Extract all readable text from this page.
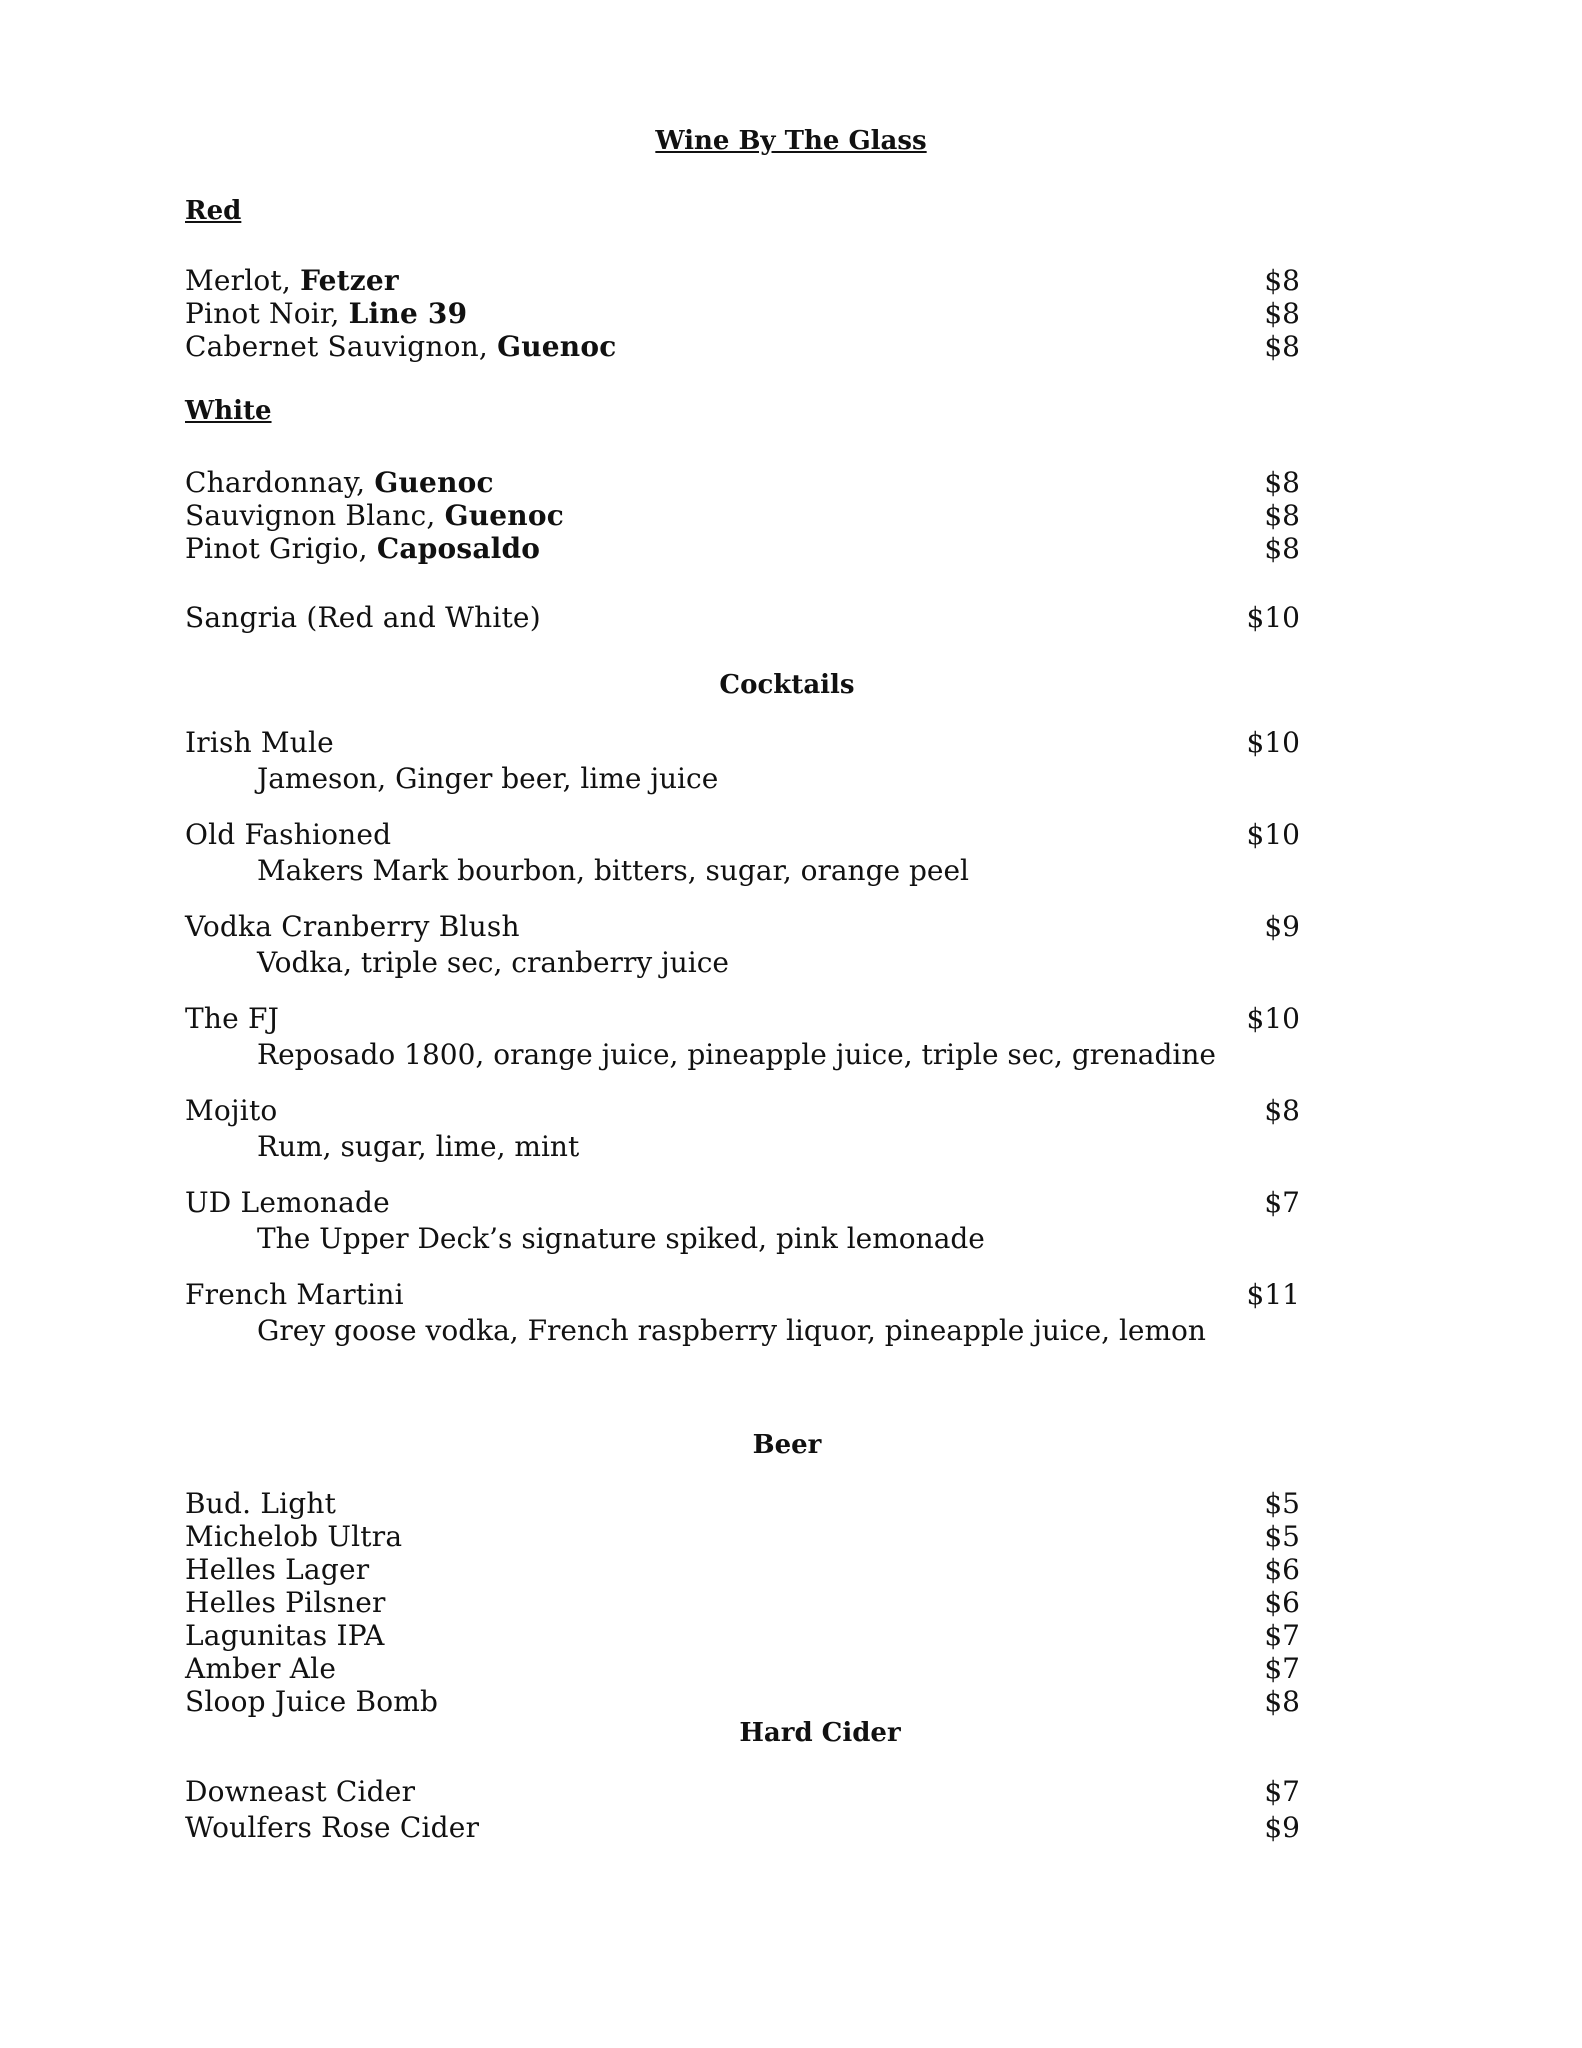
Wine By The Glass
Red
Merlot, Fetzer	$8
Pinot Noir, Line 39	$8
Cabernet Sauvignon, Guenoc	$8
White
Chardonnay, Guenoc	$8
Sauvignon Blanc, Guenoc	$8
Pinot Grigio, Caposaldo	$8
Sangria (Red and White)	$10
Cocktails
Irish Mule	$10
Jameson, Ginger beer, lime juice
Old Fashioned	$10
Makers Mark bourbon, bitters, sugar, orange peel
Vodka Cranberry Blush	$9
Vodka, triple sec, cranberry juice
The FJ	$10
Reposado 1800, orange juice, pineapple juice, triple sec, grenadine
Mojito	$8
Rum, sugar, lime, mint
UD Lemonade	$7
The Upper Deck’s signature spiked, pink lemonade
French Martini	$11
Grey goose vodka, French raspberry liquor, pineapple juice, lemon
Beer
Bud. Light	$5
Michelob Ultra	$5
Helles Lager	$6
Helles Pilsner	$6
Lagunitas IPA	$7
Amber Ale	$7
Sloop Juice Bomb	$8
Hard Cider
Downeast Cider	$7
Woulfers Rose Cider	$9
